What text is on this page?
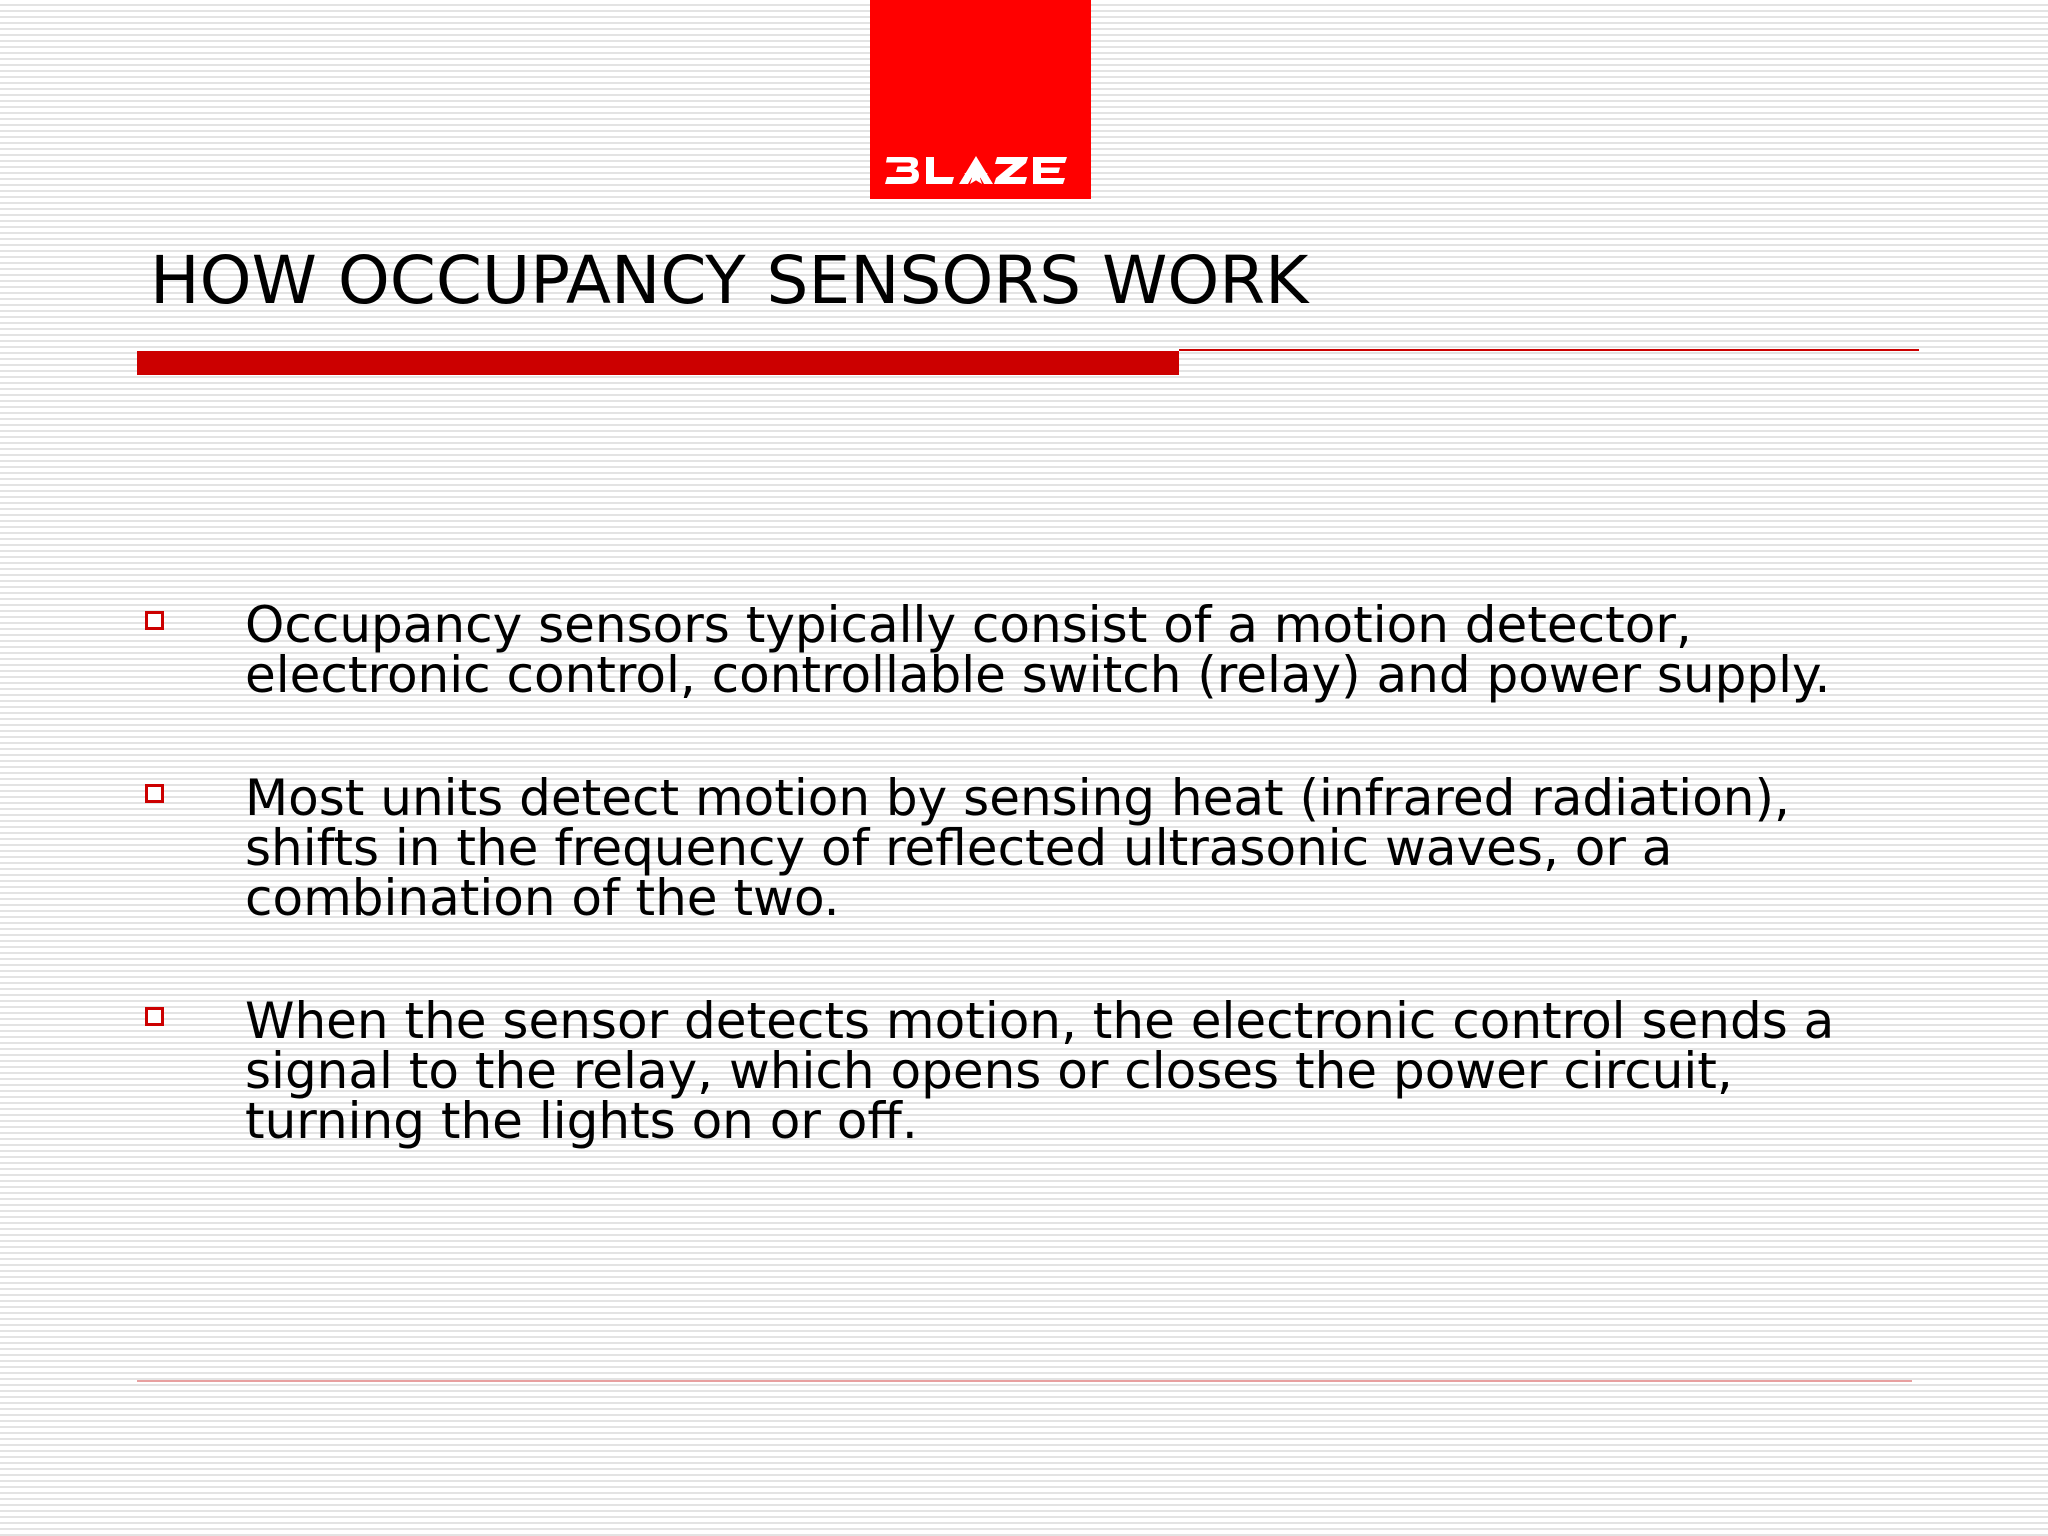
HOW OCCUPANCY SENSORS WORK

Occupancy sensors typically consist of a motion detector,
electronic control, controllable switch (relay) and power supply.

Most units detect motion by sensing heat (infrared radiation),
shifts in the frequency of reflected ultrasonic waves, or a
combination of the two.

When the sensor detects motion, the electronic control sends a
signal to the relay, which opens or closes the power circuit,
turning the lights on or off.
